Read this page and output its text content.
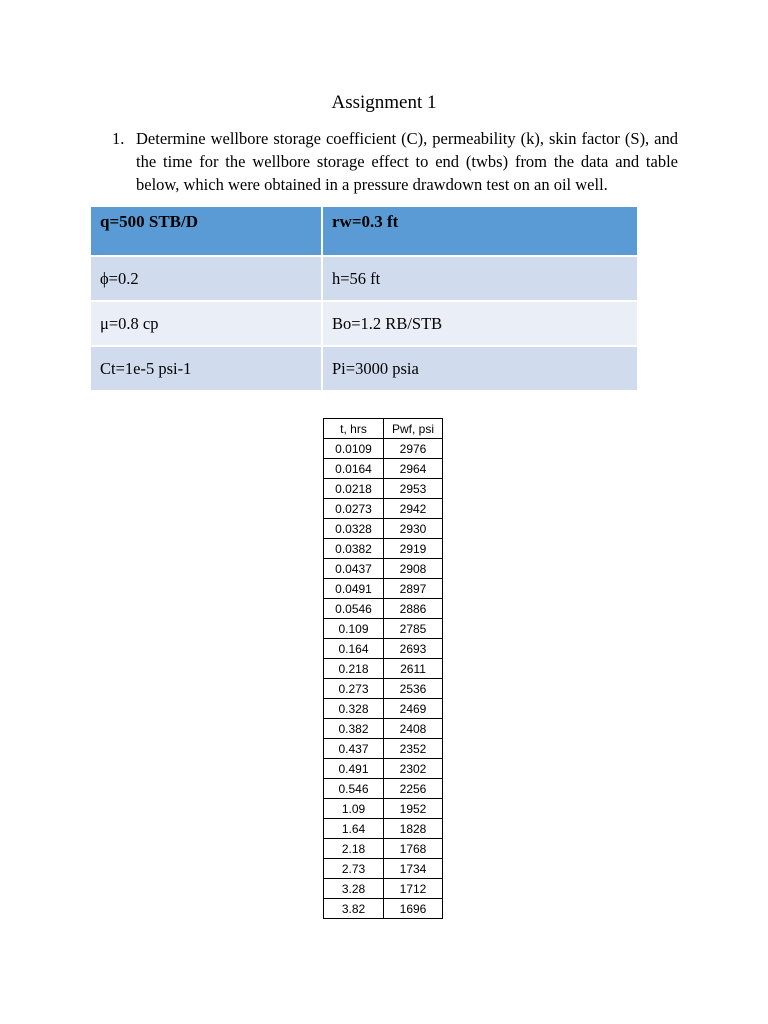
Assignment 1
1. Determine wellbore storage coefficient (C), permeability (k), skin factor (S), and the time for the wellbore storage effect to end (twbs) from the data and table below, which were obtained in a pressure drawdown test on an oil well.
q=500 STB/D	rw=0.3 ft
ϕ=0.2	h=56 ft
μ=0.8 cp	Bo=1.2 RB/STB
Ct=1e-5 psi-1	Pi=3000 psia
t, hrs	Pwf, psi
0.0109	2976
0.0164	2964
0.0218	2953
0.0273	2942
0.0328	2930
0.0382	2919
0.0437	2908
0.0491	2897
0.0546	2886
0.109	2785
0.164	2693
0.218	2611
0.273	2536
0.328	2469
0.382	2408
0.437	2352
0.491	2302
0.546	2256
1.09	1952
1.64	1828
2.18	1768
2.73	1734
3.28	1712
3.82	1696
